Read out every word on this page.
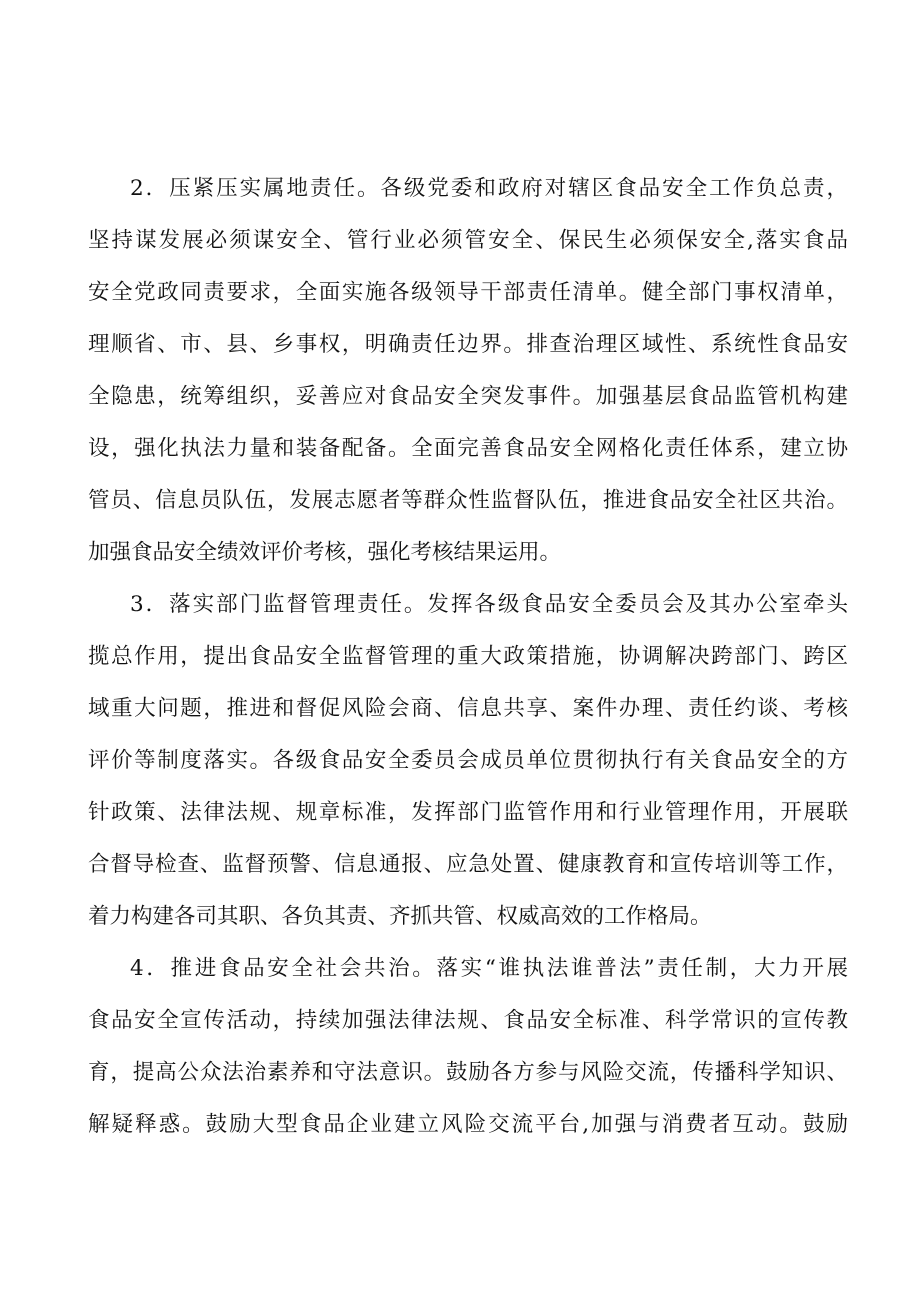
2．压紧压实属地责任。各级党委和政府对辖区食品安全工作负总责，
坚持谋发展必须谋安全、管行业必须管安全、保民生必须保安全,落实食品
安全党政同责要求，全面实施各级领导干部责任清单。健全部门事权清单，
理顺省、市、县、乡事权，明确责任边界。排查治理区域性、系统性食品安
全隐患，统筹组织，妥善应对食品安全突发事件。加强基层食品监管机构建
设，强化执法力量和装备配备。全面完善食品安全网格化责任体系，建立协
管员、信息员队伍，发展志愿者等群众性监督队伍，推进食品安全社区共治。
加强食品安全绩效评价考核，强化考核结果运用。
3．落实部门监督管理责任。发挥各级食品安全委员会及其办公室牵头
揽总作用，提出食品安全监督管理的重大政策措施，协调解决跨部门、跨区
域重大问题，推进和督促风险会商、信息共享、案件办理、责任约谈、考核
评价等制度落实。各级食品安全委员会成员单位贯彻执行有关食品安全的方
针政策、法律法规、规章标准，发挥部门监管作用和行业管理作用，开展联
合督导检查、监督预警、信息通报、应急处置、健康教育和宣传培训等工作，
着力构建各司其职、各负其责、齐抓共管、权威高效的工作格局。
4．推进食品安全社会共治。落实“谁执法谁普法”责任制，大力开展
食品安全宣传活动，持续加强法律法规、食品安全标准、科学常识的宣传教
育，提高公众法治素养和守法意识。鼓励各方参与风险交流，传播科学知识、
解疑释惑。鼓励大型食品企业建立风险交流平台,加强与消费者互动。鼓励
